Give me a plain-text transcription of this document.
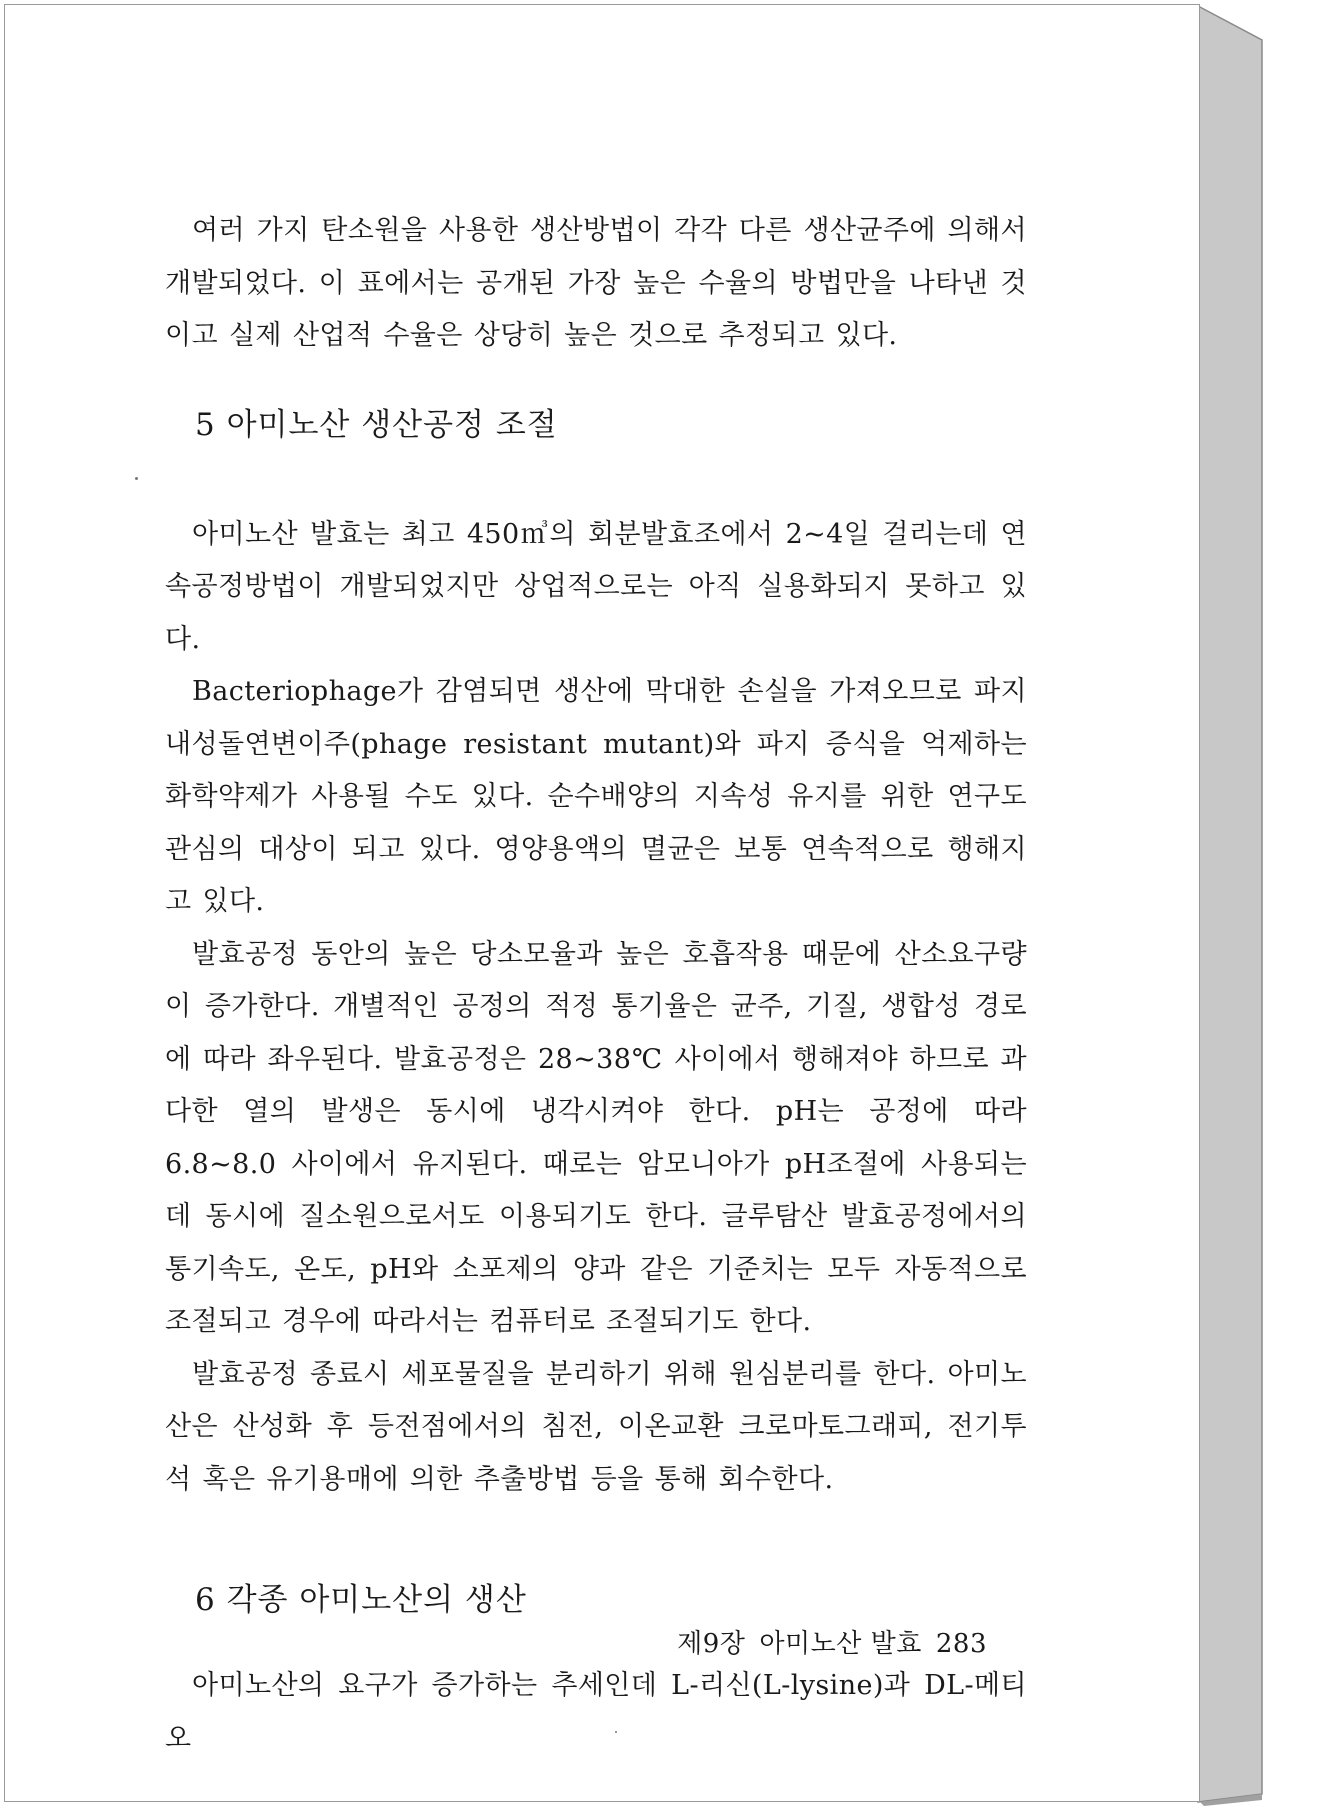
여러 가지 탄소원을 사용한 생산방법이 각각 다른 생산균주에 의해서 개발되었다. 이 표에서는 공개된 가장 높은 수율의 방법만을 나타낸 것이고 실제 산업적 수율은 상당히 높은 것으로 추정되고 있다.

5 아미노산 생산공정 조절

아미노산 발효는 최고 450㎥의 회분발효조에서 2~4일 걸리는데 연속공정방법이 개발되었지만 상업적으로는 아직 실용화되지 못하고 있다.

Bacteriophage가 감염되면 생산에 막대한 손실을 가져오므로 파지 내성돌연변이주(phage resistant mutant)와 파지 증식을 억제하는 화학약제가 사용될 수도 있다. 순수배양의 지속성 유지를 위한 연구도 관심의 대상이 되고 있다. 영양용액의 멸균은 보통 연속적으로 행해지고 있다.

발효공정 동안의 높은 당소모율과 높은 호흡작용 때문에 산소요구량이 증가한다. 개별적인 공정의 적정 통기율은 균주, 기질, 생합성 경로에 따라 좌우된다. 발효공정은 28~38℃ 사이에서 행해져야 하므로 과다한 열의 발생은 동시에 냉각시켜야 한다. pH는 공정에 따라 6.8~8.0 사이에서 유지된다. 때로는 암모니아가 pH조절에 사용되는데 동시에 질소원으로서도 이용되기도 한다. 글루탐산 발효공정에서의 통기속도, 온도, pH와 소포제의 양과 같은 기준치는 모두 자동적으로 조절되고 경우에 따라서는 컴퓨터로 조절되기도 한다.

발효공정 종료시 세포물질을 분리하기 위해 원심분리를 한다. 아미노산은 산성화 후 등전점에서의 침전, 이온교환 크로마토그래피, 전기투석 혹은 유기용매에 의한 추출방법 등을 통해 회수한다.

6 각종 아미노산의 생산

아미노산의 요구가 증가하는 추세인데 L-리신(L-lysine)과 DL-메티오

제9장 아미노산 발효 283
